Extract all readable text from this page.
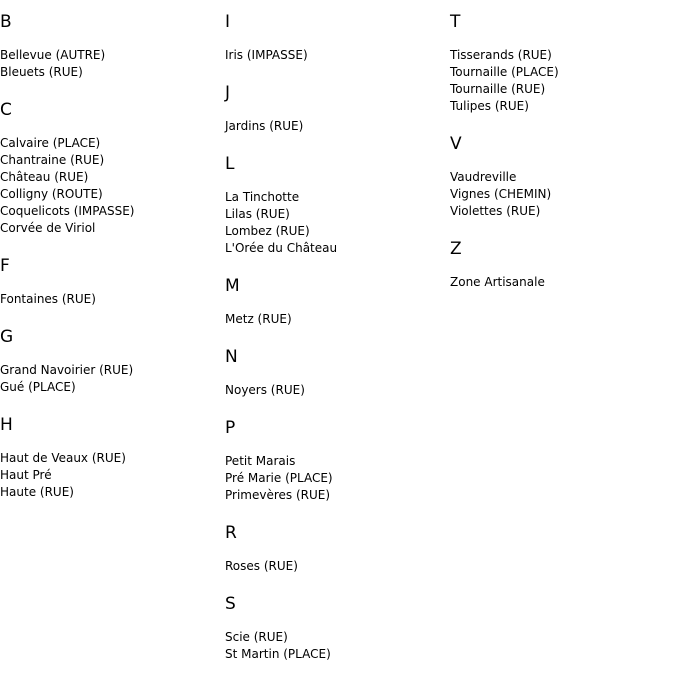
B
Bellevue (AUTRE)
Bleuets (RUE)
C
Calvaire (PLACE)
Chantraine (RUE)
Château (RUE)
Colligny (ROUTE)
Coquelicots (IMPASSE)
Corvée de Viriol
F
Fontaines (RUE)
G
Grand Navoirier (RUE)
Gué (PLACE)
H
Haut de Veaux (RUE)
Haut Pré
Haute (RUE)
I
Iris (IMPASSE)
J
Jardins (RUE)
L
La Tinchotte
Lilas (RUE)
Lombez (RUE)
L'Orée du Château
M
Metz (RUE)
N
Noyers (RUE)
P
Petit Marais
Pré Marie (PLACE)
Primevères (RUE)
R
Roses (RUE)
S
Scie (RUE)
St Martin (PLACE)
T
Tisserands (RUE)
Tournaille (PLACE)
Tournaille (RUE)
Tulipes (RUE)
V
Vaudreville
Vignes (CHEMIN)
Violettes (RUE)
Z
Zone Artisanale
